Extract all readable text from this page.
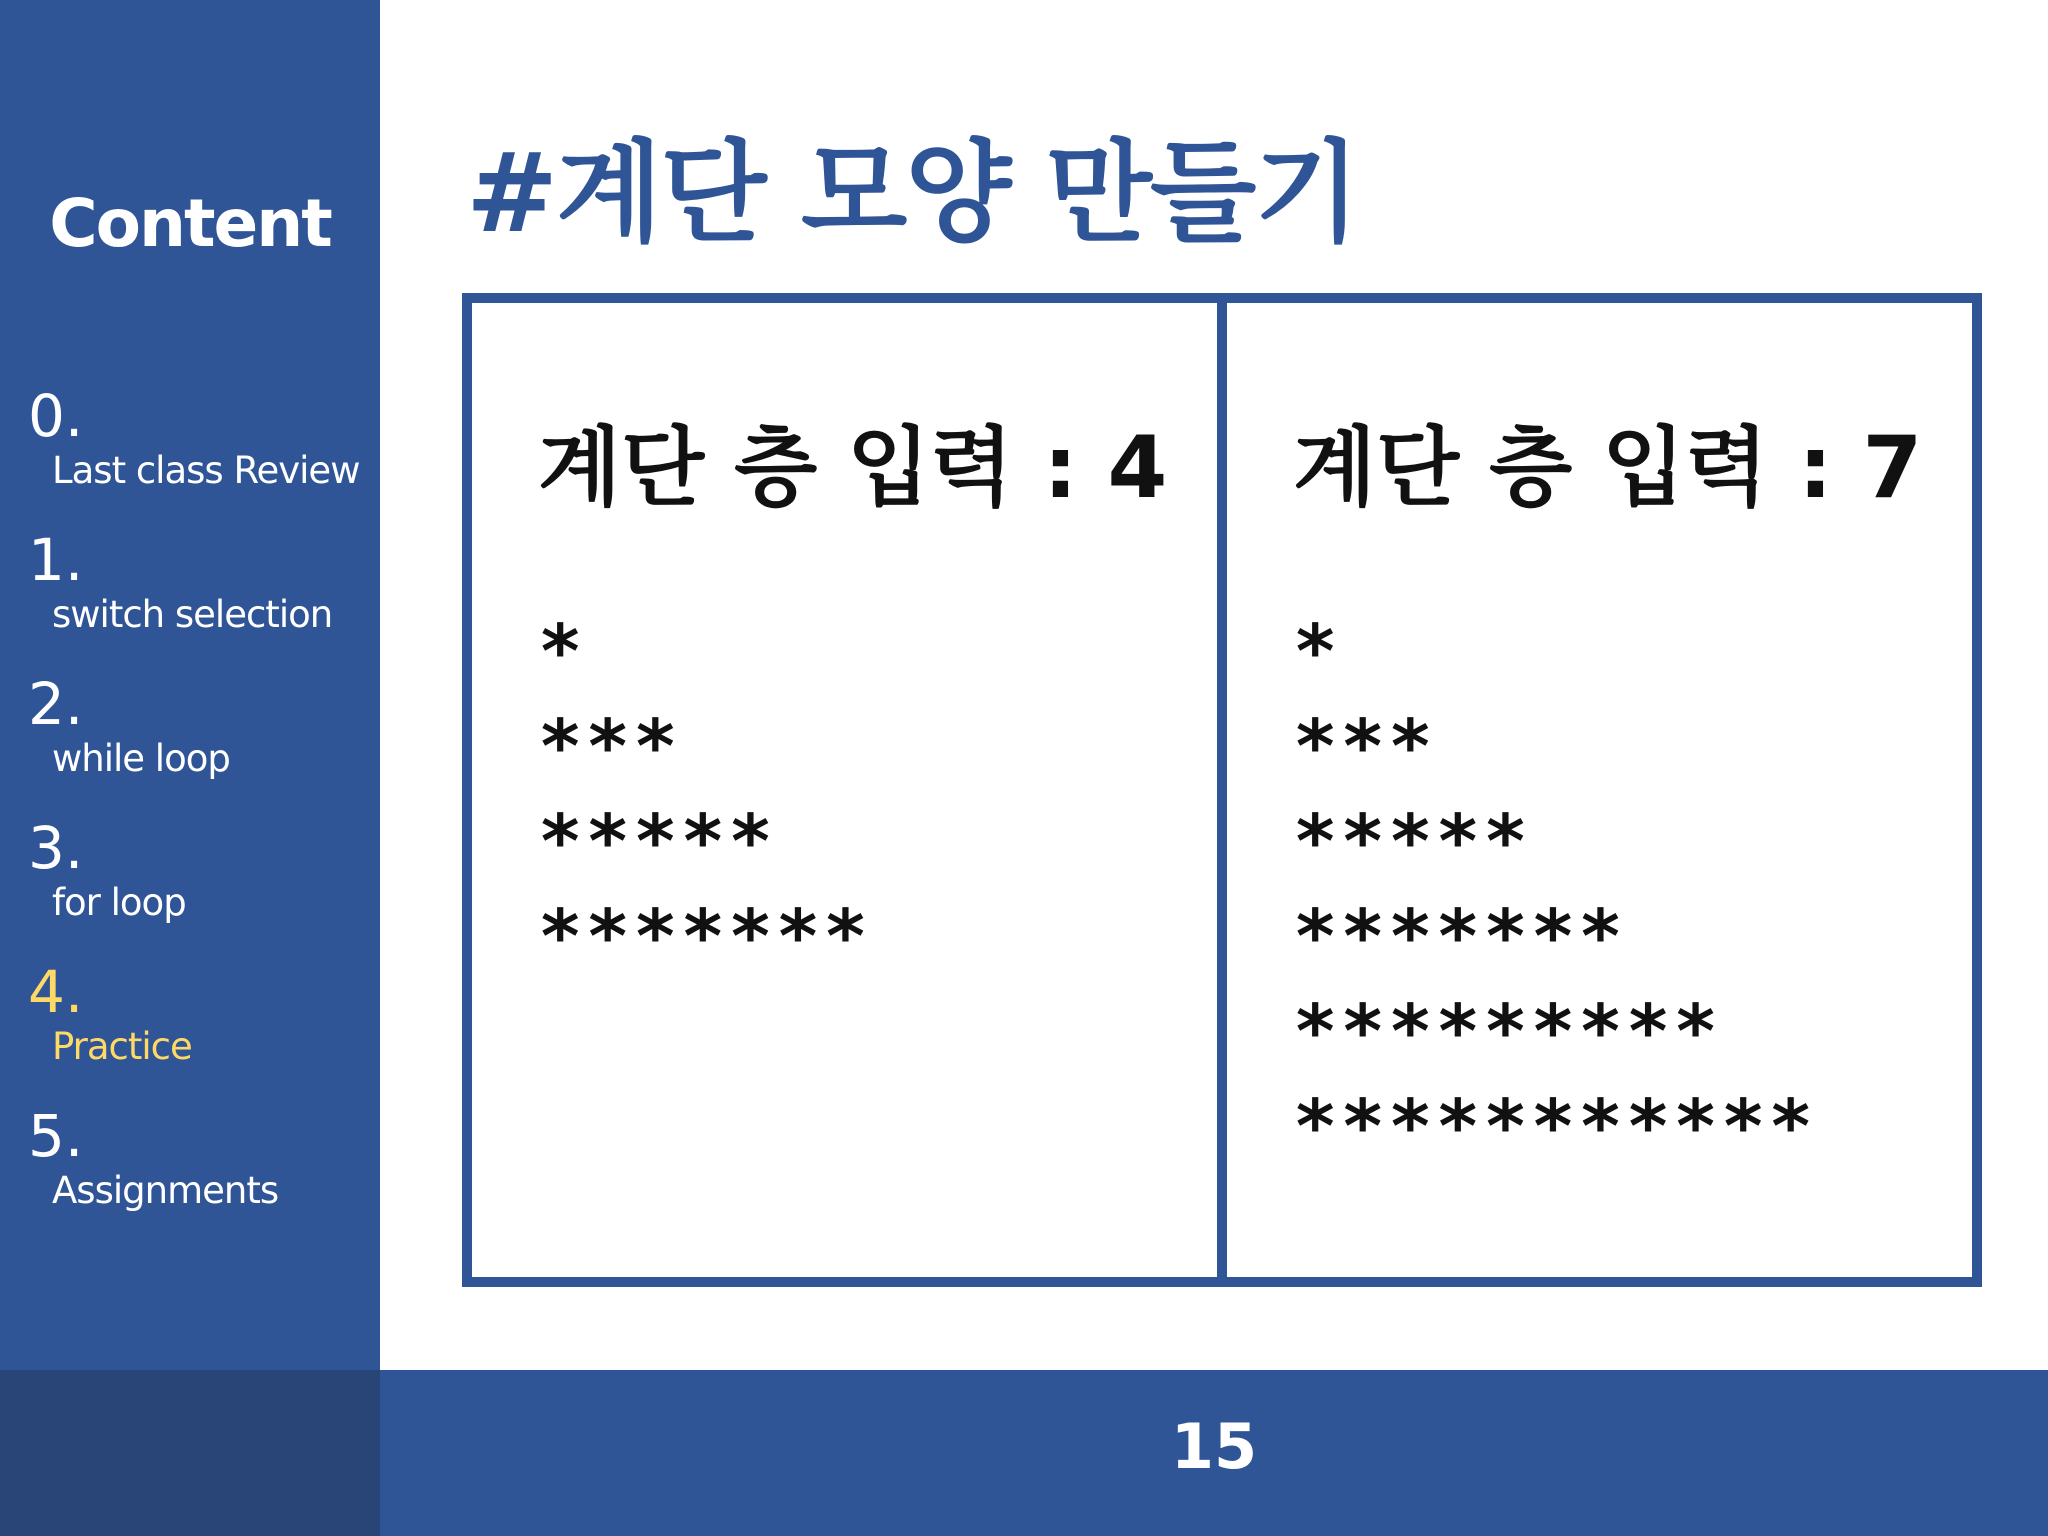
Content
0.
Last class Review
1.
switch selection
2.
while loop
3.
for loop
4.
Practice
5.
Assignments
15
#계단 모양 만들기
계단 층 입력 : 4
*
***
*****
*******
계단 층 입력 : 7
*
***
*****
*******
*********
***********
